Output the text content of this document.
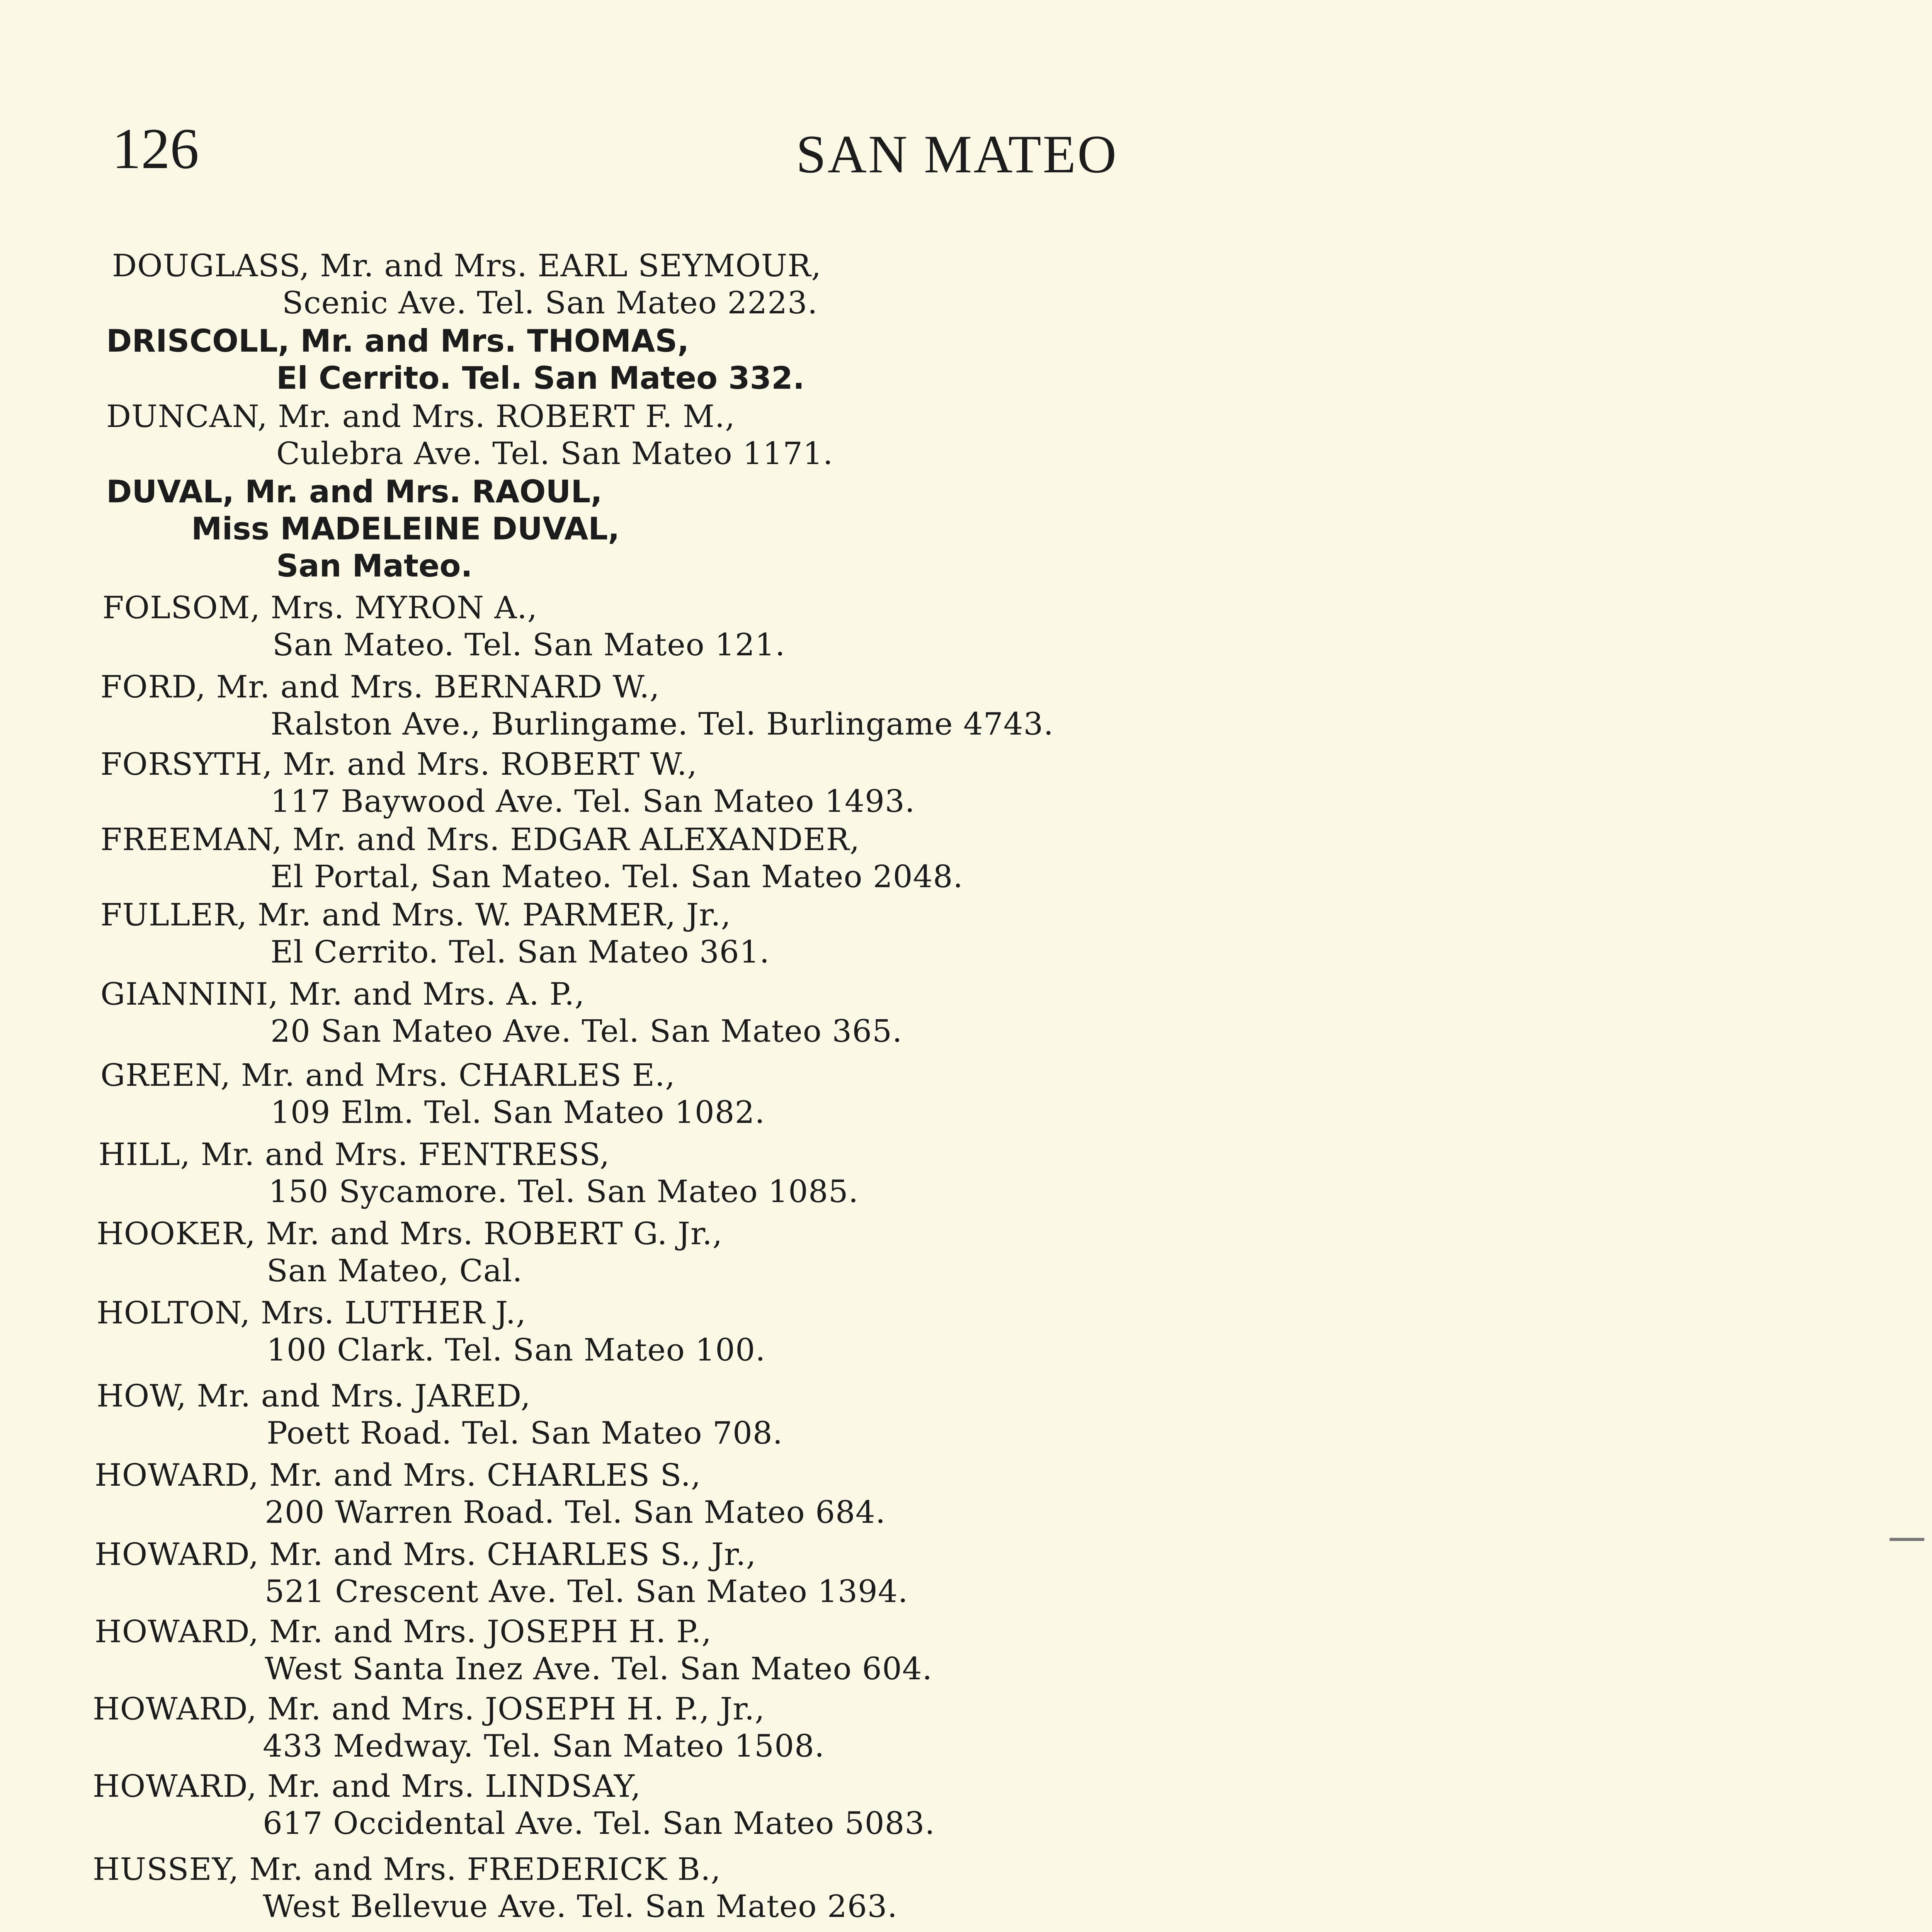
126	SAN MATEO
DOUGLASS, Mr. and Mrs. EARL SEYMOUR,
Scenic Ave. Tel. San Mateo 2223.
DRISCOLL, Mr. and Mrs. THOMAS,
El Cerrito. Tel. San Mateo 332.
DUNCAN, Mr. and Mrs. ROBERT F. M.,
Culebra Ave. Tel. San Mateo 1171.
DUVAL, Mr. and Mrs. RAOUL,
Miss MADELEINE DUVAL,
San Mateo.
FOLSOM, Mrs. MYRON A.,
San Mateo. Tel. San Mateo 121.
FORD, Mr. and Mrs. BERNARD W.,
Ralston Ave., Burlingame. Tel. Burlingame 4743.
FORSYTH, Mr. and Mrs. ROBERT W.,
117 Baywood Ave. Tel. San Mateo 1493.
FREEMAN, Mr. and Mrs. EDGAR ALEXANDER,
El Portal, San Mateo. Tel. San Mateo 2048.
FULLER, Mr. and Mrs. W. PARMER, Jr.,
El Cerrito. Tel. San Mateo 361.
GIANNINI, Mr. and Mrs. A. P.,
20 San Mateo Ave. Tel. San Mateo 365.
GREEN, Mr. and Mrs. CHARLES E.,
109 Elm. Tel. San Mateo 1082.
HILL, Mr. and Mrs. FENTRESS,
150 Sycamore. Tel. San Mateo 1085.
HOOKER, Mr. and Mrs. ROBERT G. Jr.,
San Mateo, Cal.
HOLTON, Mrs. LUTHER J.,
100 Clark. Tel. San Mateo 100.
HOW, Mr. and Mrs. JARED,
Poett Road. Tel. San Mateo 708.
HOWARD, Mr. and Mrs. CHARLES S.,
200 Warren Road. Tel. San Mateo 684.
HOWARD, Mr. and Mrs. CHARLES S., Jr.,
521 Crescent Ave. Tel. San Mateo 1394.
HOWARD, Mr. and Mrs. JOSEPH H. P.,
West Santa Inez Ave. Tel. San Mateo 604.
HOWARD, Mr. and Mrs. JOSEPH H. P., Jr.,
433 Medway. Tel. San Mateo 1508.
HOWARD, Mr. and Mrs. LINDSAY,
617 Occidental Ave. Tel. San Mateo 5083.
HUSSEY, Mr. and Mrs. FREDERICK B.,
West Bellevue Ave. Tel. San Mateo 263.
